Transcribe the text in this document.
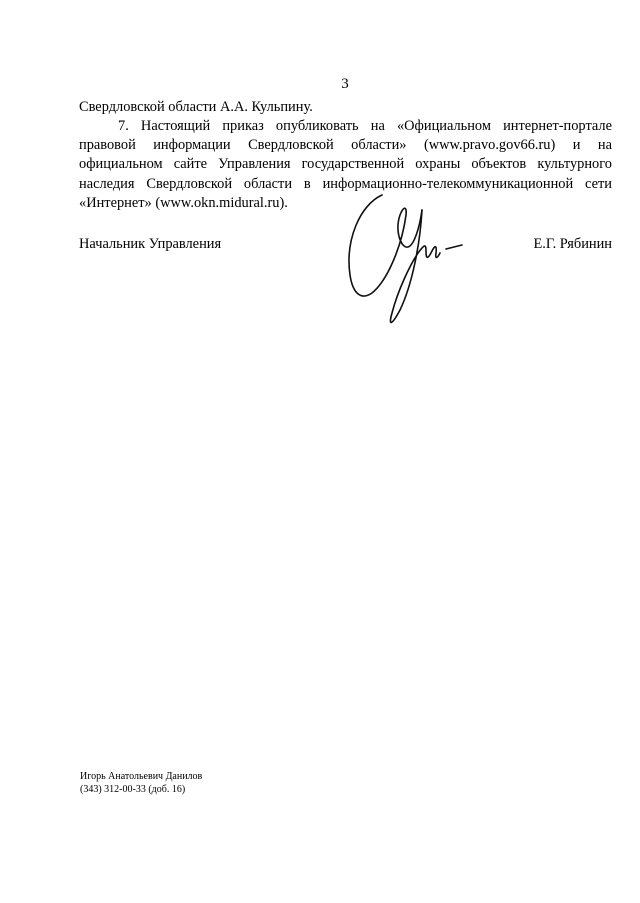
3
Свердловской области А.А. Кульпину.
7. Настоящий приказ опубликовать на «Официальном интернет-портале правовой информации Свердловской области» (www.pravo.gov66.ru) и на официальном сайте Управления государственной охраны объектов культурного наследия Свердловской области в информационно-телекоммуникационной сети «Интернет» (www.okn.midural.ru).
Начальник Управления	Е.Г. Рябинин
Игорь Анатольевич Данилов
(343) 312-00-33 (доб. 16)
